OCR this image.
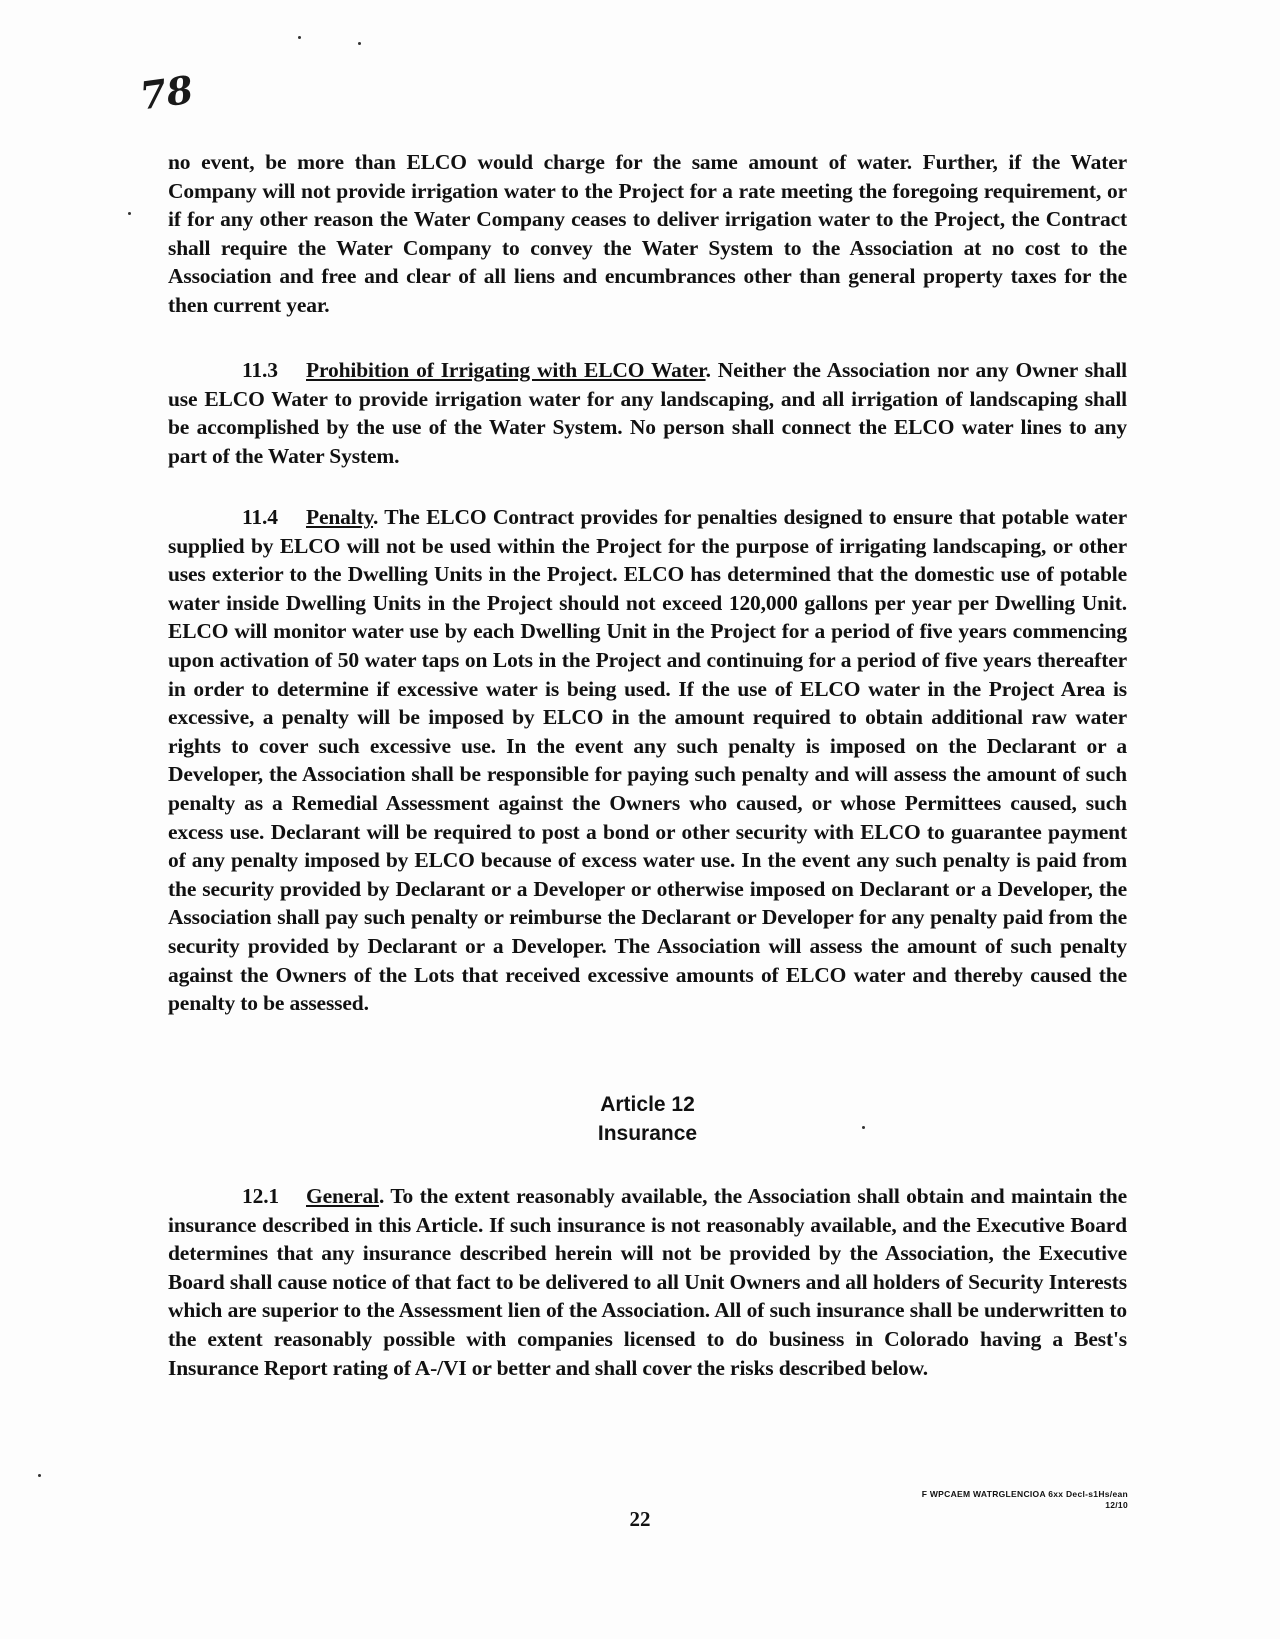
78

no event, be more than ELCO would charge for the same amount of water. Further, if the Water Company will not provide irrigation water to the Project for a rate meeting the foregoing requirement, or if for any other reason the Water Company ceases to deliver irrigation water to the Project, the Contract shall require the Water Company to convey the Water System to the Association at no cost to the Association and free and clear of all liens and encumbrances other than general property taxes for the then current year.

11.3 Prohibition of Irrigating with ELCO Water. Neither the Association nor any Owner shall use ELCO Water to provide irrigation water for any landscaping, and all irrigation of landscaping shall be accomplished by the use of the Water System. No person shall connect the ELCO water lines to any part of the Water System.

11.4 Penalty. The ELCO Contract provides for penalties designed to ensure that potable water supplied by ELCO will not be used within the Project for the purpose of irrigating landscaping, or other uses exterior to the Dwelling Units in the Project. ELCO has determined that the domestic use of potable water inside Dwelling Units in the Project should not exceed 120,000 gallons per year per Dwelling Unit. ELCO will monitor water use by each Dwelling Unit in the Project for a period of five years commencing upon activation of 50 water taps on Lots in the Project and continuing for a period of five years thereafter in order to determine if excessive water is being used. If the use of ELCO water in the Project Area is excessive, a penalty will be imposed by ELCO in the amount required to obtain additional raw water rights to cover such excessive use. In the event any such penalty is imposed on the Declarant or a Developer, the Association shall be responsible for paying such penalty and will assess the amount of such penalty as a Remedial Assessment against the Owners who caused, or whose Permittees caused, such excess use. Declarant will be required to post a bond or other security with ELCO to guarantee payment of any penalty imposed by ELCO because of excess water use. In the event any such penalty is paid from the security provided by Declarant or a Developer or otherwise imposed on Declarant or a Developer, the Association shall pay such penalty or reimburse the Declarant or Developer for any penalty paid from the security provided by Declarant or a Developer. The Association will assess the amount of such penalty against the Owners of the Lots that received excessive amounts of ELCO water and thereby caused the penalty to be assessed.

Article 12
Insurance

12.1 General. To the extent reasonably available, the Association shall obtain and maintain the insurance described in this Article. If such insurance is not reasonably available, and the Executive Board determines that any insurance described herein will not be provided by the Association, the Executive Board shall cause notice of that fact to be delivered to all Unit Owners and all holders of Security Interests which are superior to the Assessment lien of the Association. All of such insurance shall be underwritten to the extent reasonably possible with companies licensed to do business in Colorado having a Best's Insurance Report rating of A-/VI or better and shall cover the risks described below.

22
F WPCAEM WATRGLENCIOA 6xx Decl-s1Hs/ean
12/10
